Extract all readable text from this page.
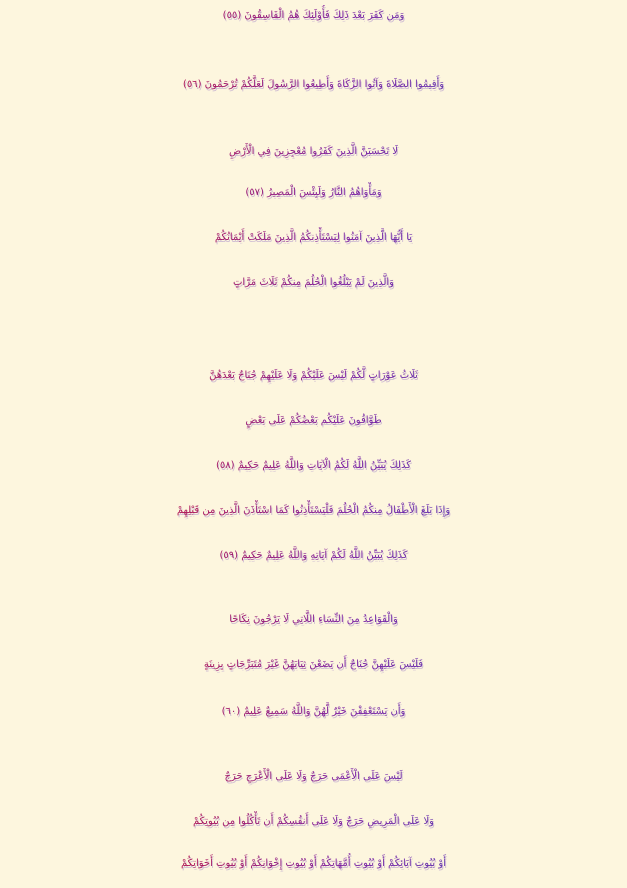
وَمَن كَفَرَ بَعْدَ ذَلِكَ فَأُوْلَئِكَ هُمُ الْفَاسِقُونَ (٥٥)
وَأَقِيمُوا الصَّلَاةَ وَآتُوا الزَّكَاةَ وَأَطِيعُوا الرَّسُولَ لَعَلَّكُمْ تُرْحَمُونَ (٥٦)
لَا تَحْسَبَنَّ الَّذِينَ كَفَرُوا مُعْجِزِينَ فِي الْأَرْضِ
وَمَأْوَاهُمُ النَّارُ وَلَبِئْسَ الْمَصِيرُ (٥٧)
يَا أَيُّهَا الَّذِينَ آمَنُوا لِيَسْتَأْذِنكُمُ الَّذِينَ مَلَكَتْ أَيْمَانُكُمْ
وَالَّذِينَ لَمْ يَبْلُغُوا الْحُلُمَ مِنكُمْ ثَلَاثَ مَرَّاتٍ
ثَلَاثُ عَوْرَاتٍ لَّكُمْ لَيْسَ عَلَيْكُمْ وَلَا عَلَيْهِمْ جُنَاحٌ بَعْدَهُنَّ
طَوَّافُونَ عَلَيْكُم بَعْضُكُمْ عَلَى بَعْضٍ
كَذَلِكَ يُبَيِّنُ اللَّهُ لَكُمُ الْآيَاتِ وَاللَّهُ عَلِيمٌ حَكِيمٌ (٥٨)
وَإِذَا بَلَغَ الْأَطْفَالُ مِنكُمُ الْحُلُمَ فَلْيَسْتَأْذِنُوا كَمَا اسْتَأْذَنَ الَّذِينَ مِن قَبْلِهِمْ
كَذَلِكَ يُبَيِّنُ اللَّهُ لَكُمْ آيَاتِهِ وَاللَّهُ عَلِيمٌ حَكِيمٌ (٥٩)
وَالْقَوَاعِدُ مِنَ النِّسَاءِ اللَّاتِي لَا يَرْجُونَ نِكَاحًا
فَلَيْسَ عَلَيْهِنَّ جُنَاحٌ أَن يَضَعْنَ ثِيَابَهُنَّ غَيْرَ مُتَبَرِّجَاتٍ بِزِينَةٍ
وَأَن يَسْتَعْفِفْنَ خَيْرٌ لَّهُنَّ وَاللَّهُ سَمِيعٌ عَلِيمٌ (٦٠)
لَيْسَ عَلَى الْأَعْمَى حَرَجٌ وَلَا عَلَى الْأَعْرَجِ حَرَجٌ
وَلَا عَلَى الْمَرِيضِ حَرَجٌ وَلَا عَلَى أَنفُسِكُمْ أَن تَأْكُلُوا مِن بُيُوتِكُمْ
أَوْ بُيُوتِ آبَائِكُمْ أَوْ بُيُوتِ أُمَّهَاتِكُمْ أَوْ بُيُوتِ إِخْوَانِكُمْ أَوْ بُيُوتِ أَخَوَاتِكُمْ
